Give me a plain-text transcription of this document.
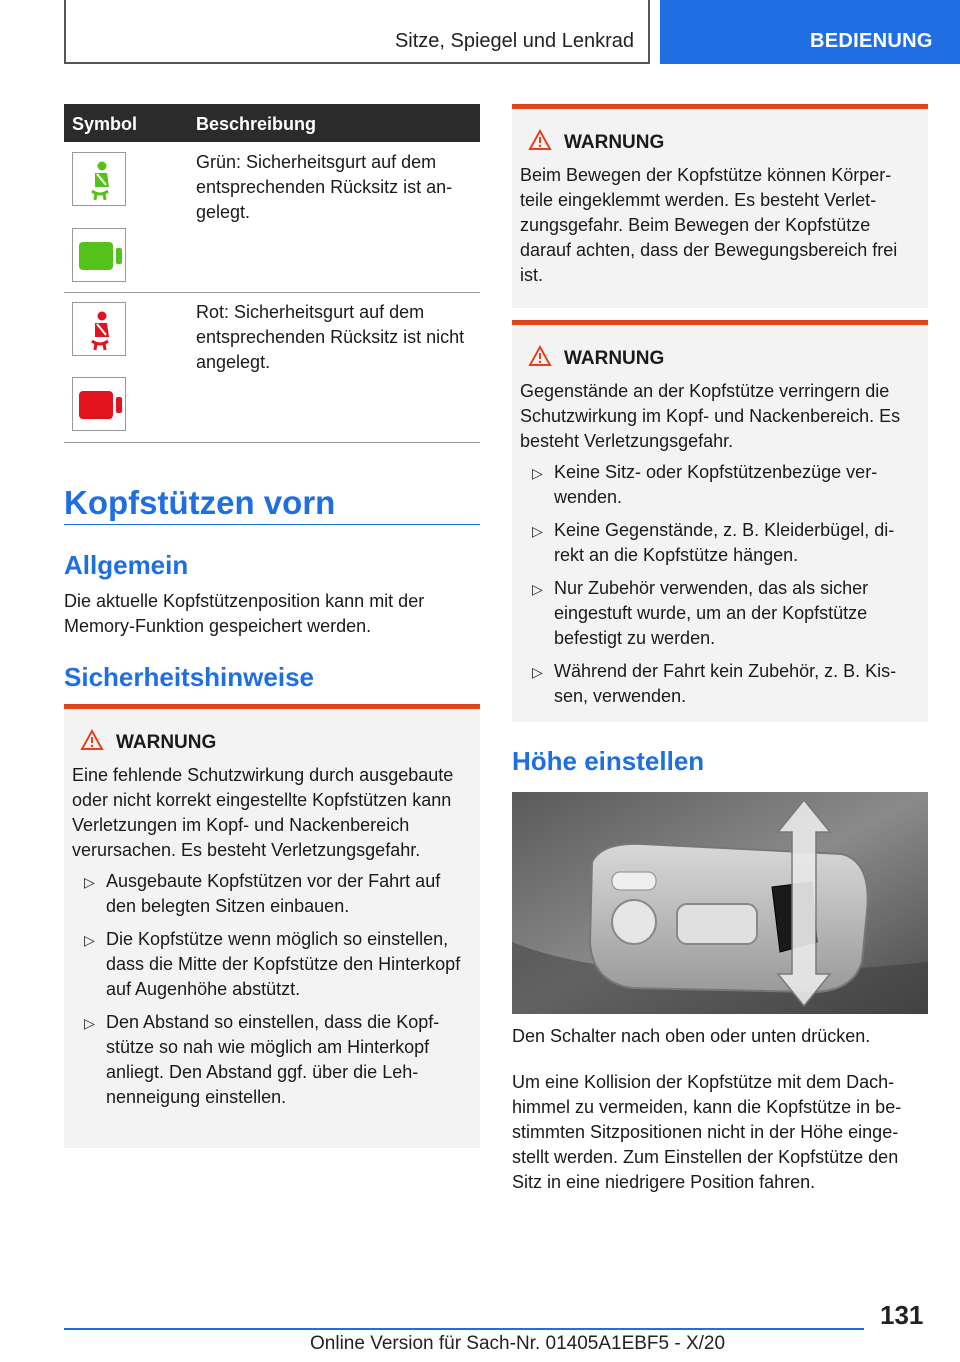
Sitze, Spiegel und Lenkrad	BEDIENUNG
Symbol	Beschreibung
Grün: Sicherheitsgurt auf dem entsprechenden Rücksitz ist angelegt.
Rot: Sicherheitsgurt auf dem entsprechenden Rücksitz ist nicht angelegt.
Kopfstützen vorn
Allgemein

Die aktuelle Kopfstützenposition kann mit der Memory-Funktion gespeichert werden.

Sicherheitshinweise
WARNUNG
Eine fehlende Schutzwirkung durch ausgebaute oder nicht korrekt eingestellte Kopfstützen kann Verletzungen im Kopf- und Nackenbereich verursachen. Es besteht Verletzungsgefahr.
▷ Ausgebaute Kopfstützen vor der Fahrt auf den belegten Sitzen einbauen.
▷ Die Kopfstütze wenn möglich so einstellen, dass die Mitte der Kopfstütze den Hinterkopf auf Augenhöhe abstützt.
▷ Den Abstand so einstellen, dass die Kopfstütze so nah wie möglich am Hinterkopf anliegt. Den Abstand ggf. über die Lehnenneigung einstellen.
WARNUNG
Beim Bewegen der Kopfstütze können Körperteile eingeklemmt werden. Es besteht Verletzungsgefahr. Beim Bewegen der Kopfstütze darauf achten, dass der Bewegungsbereich frei ist.
WARNUNG
Gegenstände an der Kopfstütze verringern die Schutzwirkung im Kopf- und Nackenbereich. Es besteht Verletzungsgefahr.
▷ Keine Sitz- oder Kopfstützenbezüge verwenden.
▷ Keine Gegenstände, z. B. Kleiderbügel, direkt an die Kopfstütze hängen.
▷ Nur Zubehör verwenden, das als sicher eingestuft wurde, um an der Kopfstütze befestigt zu werden.
▷ Während der Fahrt kein Zubehör, z. B. Kissen, verwenden.
Höhe einstellen

Den Schalter nach oben oder unten drücken.

Um eine Kollision der Kopfstütze mit dem Dachhimmel zu vermeiden, kann die Kopfstütze in bestimmten Sitzpositionen nicht in der Höhe eingestellt werden. Zum Einstellen der Kopfstütze den Sitz in eine niedrigere Position fahren.

131
Online Version für Sach-Nr. 01405A1EBF5 - X/20
